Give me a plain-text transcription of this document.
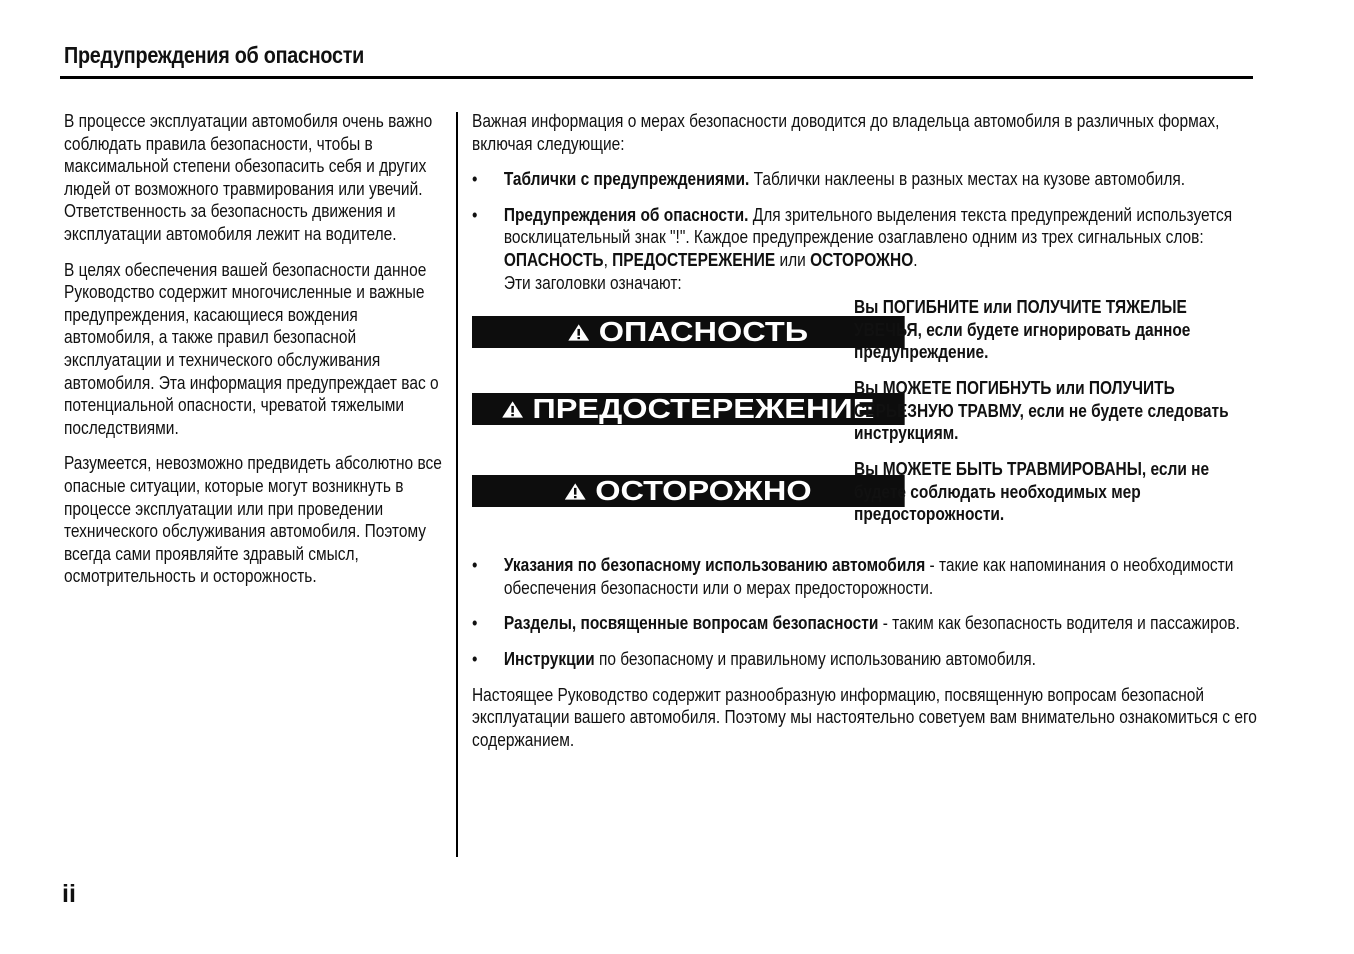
Предупреждения об опасности

В процессе эксплуатации автомобиля очень важно соблюдать правила безопасности, чтобы в максимальной степени обезопасить себя и других людей от возможного травмирования или увечий. Ответственность за безопасность движения и эксплуатации автомобиля лежит на водителе.

В целях обеспечения вашей безопасности данное Руководство содержит многочисленные и важные предупреждения, касающиеся вождения автомобиля, а также правил безопасной эксплуатации и технического обслуживания автомобиля. Эта информация предупреждает вас о потенциальной опасности, чреватой тяжелыми последствиями.

Разумеется, невозможно предвидеть абсолютно все опасные ситуации, которые могут возникнуть в процессе эксплуатации или при проведении технического обслуживания автомобиля. Поэтому всегда сами проявляйте здравый смысл, осмотрительность и осторожность.

Важная информация о мерах безопасности доводится до владельца автомобиля в различных формах, включая следующие:

•	Таблички с предупреждениями. Таблички наклеены в разных местах на кузове автомобиля.
•	Предупреждения об опасности. Для зрительного выделения текста предупреждений используется восклицательный знак "!". Каждое предупреждение озаглавлено одним из трех сигнальных слов: ОПАСНОСТЬ, ПРЕДОСТЕРЕЖЕНИЕ или ОСТОРОЖНО.
Эти заголовки означают:
ОПАСНОСТЬ
Вы ПОГИБНИТЕ или ПОЛУЧИТЕ ТЯЖЕЛЫЕ УВЕЧЬЯ, если будете игнорировать данное предупреждение.
ПРЕДОСТЕРЕЖЕНИЕ
Вы МОЖЕТЕ ПОГИБНУТЬ или ПОЛУЧИТЬ СЕРЬЕЗНУЮ ТРАВМУ, если не будете следовать инструкциям.
ОСТОРОЖНО
Вы МОЖЕТЕ БЫТЬ ТРАВМИРОВАНЫ, если не будете соблюдать необходимых мер предосторожности.
•	Указания по безопасному использованию автомобиля - такие как напоминания о необходимости обеспечения безопасности или о мерах предосторожности.
•	Разделы, посвященные вопросам безопасности - таким как безопасность водителя и пассажиров.
•	Инструкции по безопасному и правильному использованию автомобиля.

Настоящее Руководство содержит разнообразную информацию, посвященную вопросам безопасной эксплуатации вашего автомобиля. Поэтому мы настоятельно советуем вам внимательно ознакомиться с его содержанием.

ii
